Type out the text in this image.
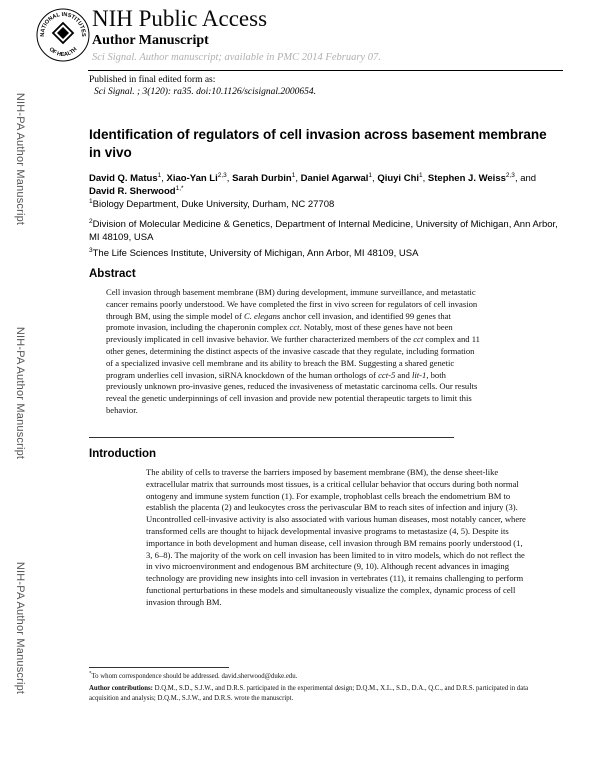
NATIONAL INSTITUTES
OF HEALTH
NIH Public Access
Author Manuscript
Sci Signal. Author manuscript; available in PMC 2014 February 07.
Published in final edited form as:
Sci Signal. ; 3(120): ra35. doi:10.1126/scisignal.2000654.
NIH-PA Author Manuscript
NIH-PA Author Manuscript
NIH-PA Author Manuscript
Identification of regulators of cell invasion across basement membrane in vivo
David Q. Matus$^1$, Xiao-Yan Li$^{2,3}$, Sarah Durbin$^1$, Daniel Agarwal$^1$, Qiuyi Chi$^1$, Stephen J. Weiss$^{2,3}$, and David R. Sherwood$^{1,*}$
$^1$Biology Department, Duke University, Durham, NC 27708
$^2$Division of Molecular Medicine & Genetics, Department of Internal Medicine, University of Michigan, Ann Arbor, MI 48109, USA
$^3$The Life Sciences Institute, University of Michigan, Ann Arbor, MI 48109, USA
Abstract
Cell invasion through basement membrane (BM) during development, immune surveillance, and metastatic cancer remains poorly understood. We have completed the first in vivo screen for regulators of cell invasion through BM, using the simple model of C. elegans anchor cell invasion, and identified 99 genes that promote invasion, including the chaperonin complex cct. Notably, most of these genes have not been previously implicated in cell invasive behavior. We further characterized members of the cct complex and 11 other genes, determining the distinct aspects of the invasive cascade that they regulate, including formation of a specialized invasive cell membrane and its ability to breach the BM. Suggesting a shared genetic program underlies cell invasion, siRNA knockdown of the human orthologs of cct-5 and lit-1, both previously unknown pro-invasive genes, reduced the invasiveness of metastatic carcinoma cells. Our results reveal the genetic underpinnings of cell invasion and provide new potential therapeutic targets to limit this behavior.
Introduction
The ability of cells to traverse the barriers imposed by basement membrane (BM), the dense sheet-like extracellular matrix that surrounds most tissues, is a critical cellular behavior that occurs during both normal ontogeny and immune system function (1). For example, trophoblast cells breach the endometrium BM to establish the placenta (2) and leukocytes cross the perivascular BM to reach sites of infection and injury (3). Uncontrolled cell-invasive activity is also associated with various human diseases, most notably cancer, where transformed cells are thought to hijack developmental invasive programs to metastasize (4, 5). Despite its importance in both development and human disease, cell invasion through BM remains poorly understood (1, 3, 6–8). The majority of the work on cell invasion has been limited to in vitro models, which do not reflect the in vivo microenvironment and endogenous BM architecture (9, 10). Although recent advances in imaging technology are providing new insights into cell invasion in vertebrates (11), it remains challenging to perform functional perturbations in these models and simultaneously visualize the complex, dynamic process of cell invasion through BM.
*To whom correspondence should be addressed. david.sherwood@duke.edu.
Author contributions: D.Q.M., S.D., S.J.W., and D.R.S. participated in the experimental design; D.Q.M., X.L., S.D., D.A., Q.C., and D.R.S. participated in data acquisition and analysis; D.Q.M., S.J.W., and D.R.S. wrote the manuscript.
